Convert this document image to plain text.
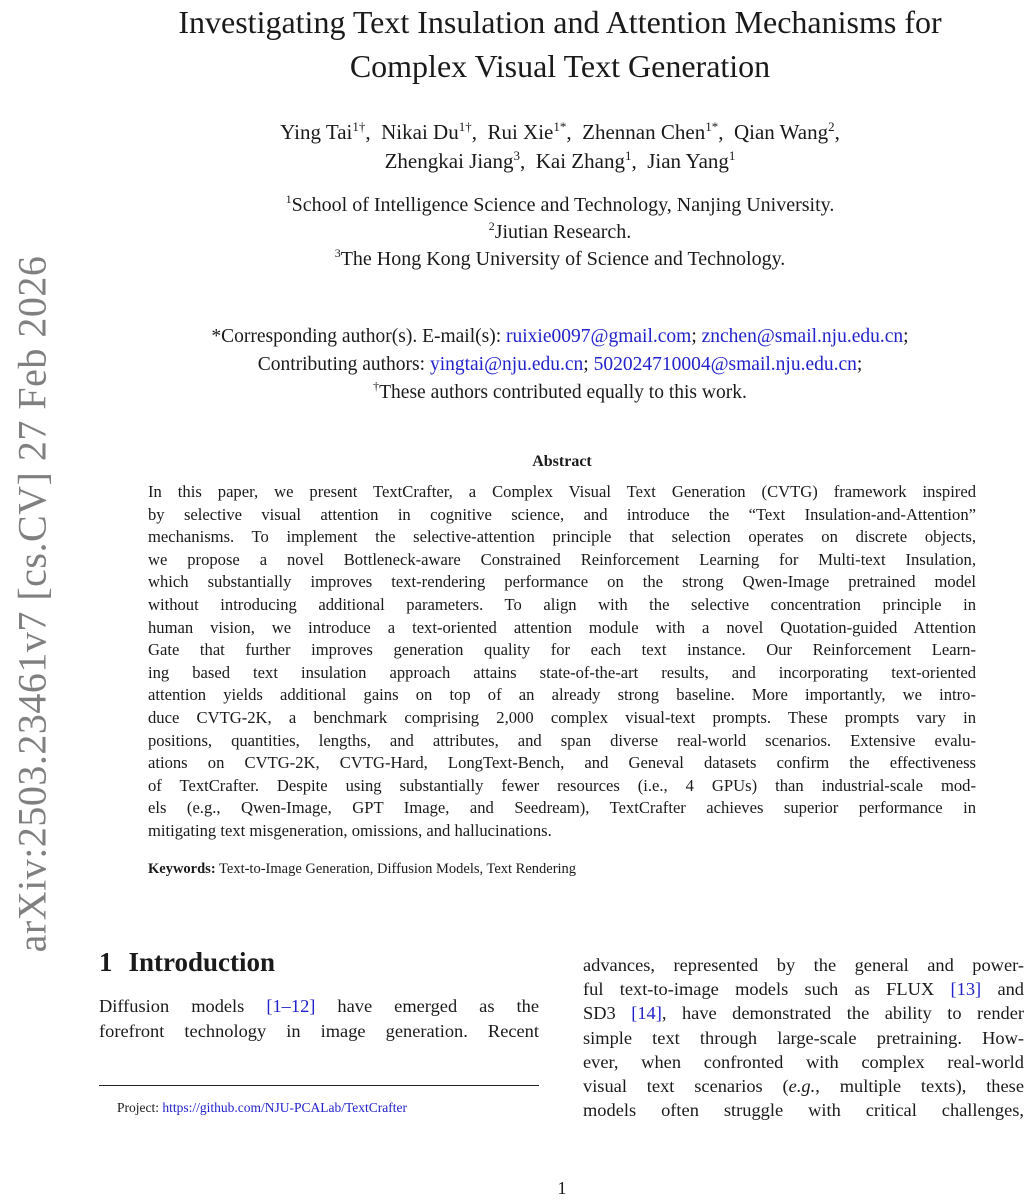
arXiv:2503.23461v7 [cs.CV] 27 Feb 2026
Investigating Text Insulation and Attention Mechanisms for
Complex Visual Text Generation
Ying Tai$^{1\dagger}$,  Nikai $Du^{1\dagger}$,  Rui Xie$^{1*}$,  Zhennan Chen$^{1*}$,  Qian Wang$^2$,
Zhengkai Jiang$^3$,  Kai Zhang$^1$,  Jian Yang$^1$
$^1$School of Intelligence Science and Technology, Nanjing University.
$^2$Jiutian Research.
$^3$The Hong Kong University of Science and Technology.
*Corresponding author(s). E-mail(s): ruixie0097@gmail.com; znchen@smail.nju.edu.cn;
Contributing authors: yingtai@nju.edu.cn; 502024710004@smail.nju.edu.cn;
†These authors contributed equally to this work.
Abstract
In this paper, we present TextCrafter, a Complex Visual Text Generation (CVTG) framework inspired
by selective visual attention in cognitive science, and introduce the “Text Insulation-and-Attention”
mechanisms. To implement the selective-attention principle that selection operates on discrete objects,
we propose a novel Bottleneck-aware Constrained Reinforcement Learning for Multi-text Insulation,
which substantially improves text-rendering performance on the strong Qwen-Image pretrained model
without introducing additional parameters. To align with the selective concentration principle in
human vision, we introduce a text-oriented attention module with a novel Quotation-guided Attention
Gate that further improves generation quality for each text instance. Our Reinforcement Learn-
ing based text insulation approach attains state-of-the-art results, and incorporating text-oriented
attention yields additional gains on top of an already strong baseline. More importantly, we intro-
duce CVTG-2K, a benchmark comprising 2,000 complex visual-text prompts. These prompts vary in
positions, quantities, lengths, and attributes, and span diverse real-world scenarios. Extensive evalu-
ations on CVTG-2K, CVTG-Hard, LongText-Bench, and Geneval datasets confirm the effectiveness
of TextCrafter. Despite using substantially fewer resources (i.e., 4 GPUs) than industrial-scale mod-
els (e.g., Qwen-Image, GPT Image, and Seedream), TextCrafter achieves superior performance in
mitigating text misgeneration, omissions, and hallucinations.
Keywords: Text-to-Image Generation, Diffusion Models, Text Rendering
1 Introduction
Diffusion models [1–12] have emerged as the
forefront technology in image generation. Recent
Project: https://github.com/NJU-PCALab/TextCrafter
advances, represented by the general and power-
ful text-to-image models such as FLUX [13] and
SD3 [14], have demonstrated the ability to render
simple text through large-scale pretraining. How-
ever, when confronted with complex real-world
visual text scenarios (e.g., multiple texts), these
models often struggle with critical challenges,
1
